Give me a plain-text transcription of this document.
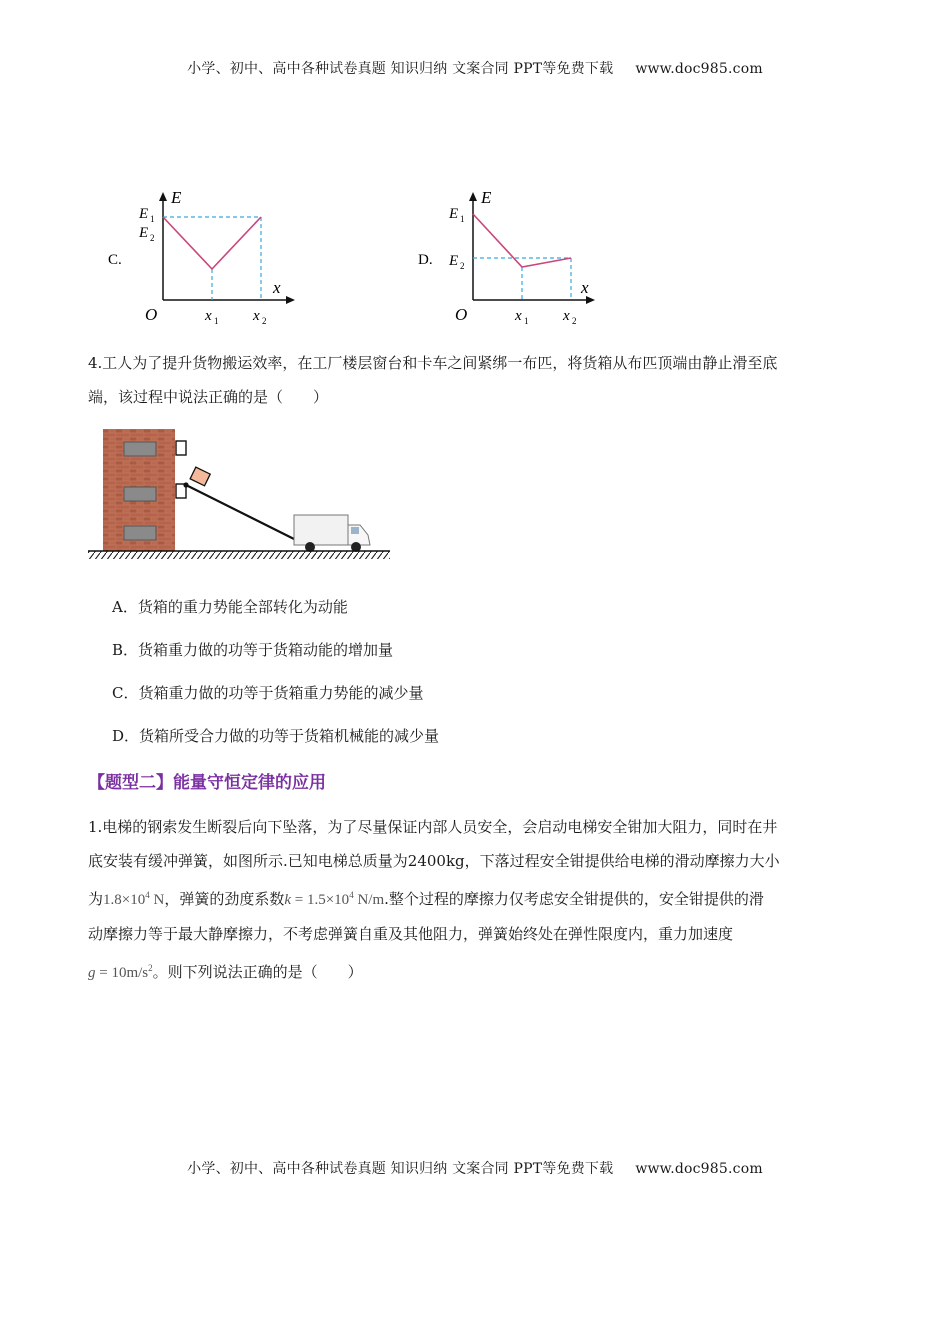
小学、初中、高中各种试卷真题 知识归纳 文案合同 PPT等免费下载 www.doc985.com
C.
E
x
O
E 1
E 2
x 1 x 2
D.
E
x
O
E 1
E 2
x 1 x 2
4.工人为了提升货物搬运效率，在工厂楼层窗台和卡车之间紧绑一布匹，将货箱从布匹顶端由静止滑至底
端，该过程中说法正确的是（　　）
A．货箱的重力势能全部转化为动能
B．货箱重力做的功等于货箱动能的增加量
C．货箱重力做的功等于货箱重力势能的减少量
D．货箱所受合力做的功等于货箱机械能的减少量
【题型二】能量守恒定律的应用
1.电梯的钢索发生断裂后向下坠落，为了尽量保证内部人员安全，会启动电梯安全钳加大阻力，同时在井
底安装有缓冲弹簧，如图所示.已知电梯总质量为2400kg，下落过程安全钳提供给电梯的滑动摩擦力大小
为$1.8\times 10^4$ N，弹簧的劲度系数$k = 1.5\times 10^4$ N/m.整个过程的摩擦力仅考虑安全钳提供的，安全钳提供的滑
动摩擦力等于最大静摩擦力，不考虑弹簧自重及其他阻力，弹簧始终处在弹性限度内，重力加速度
$g = 10m/s^2$。则下列说法正确的是（　　）
小学、初中、高中各种试卷真题 知识归纳 文案合同 PPT等免费下载 www.doc985.com
